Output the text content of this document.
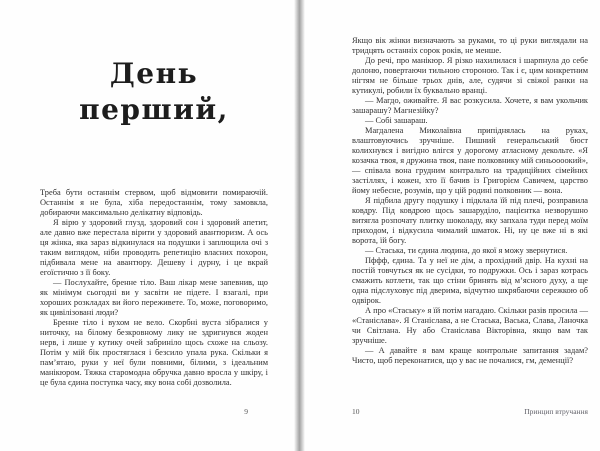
День
перший,

Треба бути останнім стервом, щоб відмовити помираючій. Останнім я не була, хіба передостаннім, тому замовкла, добираючи максимально делікатну відповідь.

Я вірю у здоровий глузд, здоровий сон і здоровий апетит, але давно вже перестала вірити у здоровий авантюризм. А ось ця жінка, яка зараз відкинулася на подушки і заплющила очі з таким виглядом, ніби проводить репетицію власних похорон, підбивала мене на авантюру. Дешеву і дурну, і це вкрай егоїстично з її боку.

— Послухайте, бренне тіло. Ваш лікар мене запевнив, що як мінімум сьогодні ви у засвіти не підете. І взагалі, при хороших розкладах ви його переживете. То, може, поговоримо, як цивілізовані люди?

Бренне тіло і вухом не вело. Скорбні вуста зібралися у ниточку, на білому безкровному лику не здригнувся жоден нерв, і лише у кутику очей забриніло щось схоже на сльозу. Потім у мій бік простяглася і безсило упала рука. Скільки я пам’ятаю, руки у неї були повними, білими, з ідеальним манікюром. Тяжка старомодна обручка давно вросла у шкіру, і це була єдина поступка часу, яку вона собі дозволила.

9

Якщо вік жінки визначають за руками, то ці руки виглядали на тридцять останніх сорок років, не менше.

До речі, про манікюр. Я різко нахилилася і шарпнула до себе долоню, повертаючи тильною стороною. Так і є, цим конкретним нігтям не більше трьох днів, але, судячи зі свіжої ранки на кутикулі, робили їх буквально вранці.

— Магдо, оживайте. Я вас розкусила. Хочете, я вам укольчик зашарашу? Магнезійку?

— Собі зашараш.

Магдалена Миколаївна припіднялась на руках, влаштовуючись зручніше. Пишний генеральський бюст колихнувся і вигідно влігся у дорогому атласному декольте. «Я козачка твоя, я дружина твоя, пане полковнику мій синьоооокий», — співала вона грудним контральто на традиційних сімейних застіллях, і кожен, хто її бачив із Григорієм Савичем, царство йому небесне, розумів, що у цій родині полковник — вона.

Я підбила другу подушку і підклала їй під плечі, розправила ковдру. Під ковдрою щось зашаруділо, пацієнтка незворушно витягла розпочату плитку шоколаду, яку запхала туди перед моїм приходом, і відкусила чималий шматок. Ні, ну це вже ні в які ворота, їй богу.

— Стаська, ти єдина людина, до якої я можу звернутися.

Пффф, єдина. Та у неї не дім, а прохідний двір. На кухні на постій товчуться як не сусідки, то подружки. Ось і зараз котрась смажить котлети, так що стіни бринять від м’ясного духу, а ще одна підслуховує під дверима, відчутно шкрябаючи сережкою об одвірок.

А про «Стаську» я їй потім нагадаю. Скільки разів просила — «Станіслава». Я Станіслава, а не Стаська, Васька, Слава, Ланочка чи Світлана. Ну або Станіслава Вікторівна, якщо вам так зручніше.

— А давайте я вам краще контрольне запитання задам? Чисто, щоб переконатися, що у вас не почалися, гм, деменції?

10	Принцип втручання
